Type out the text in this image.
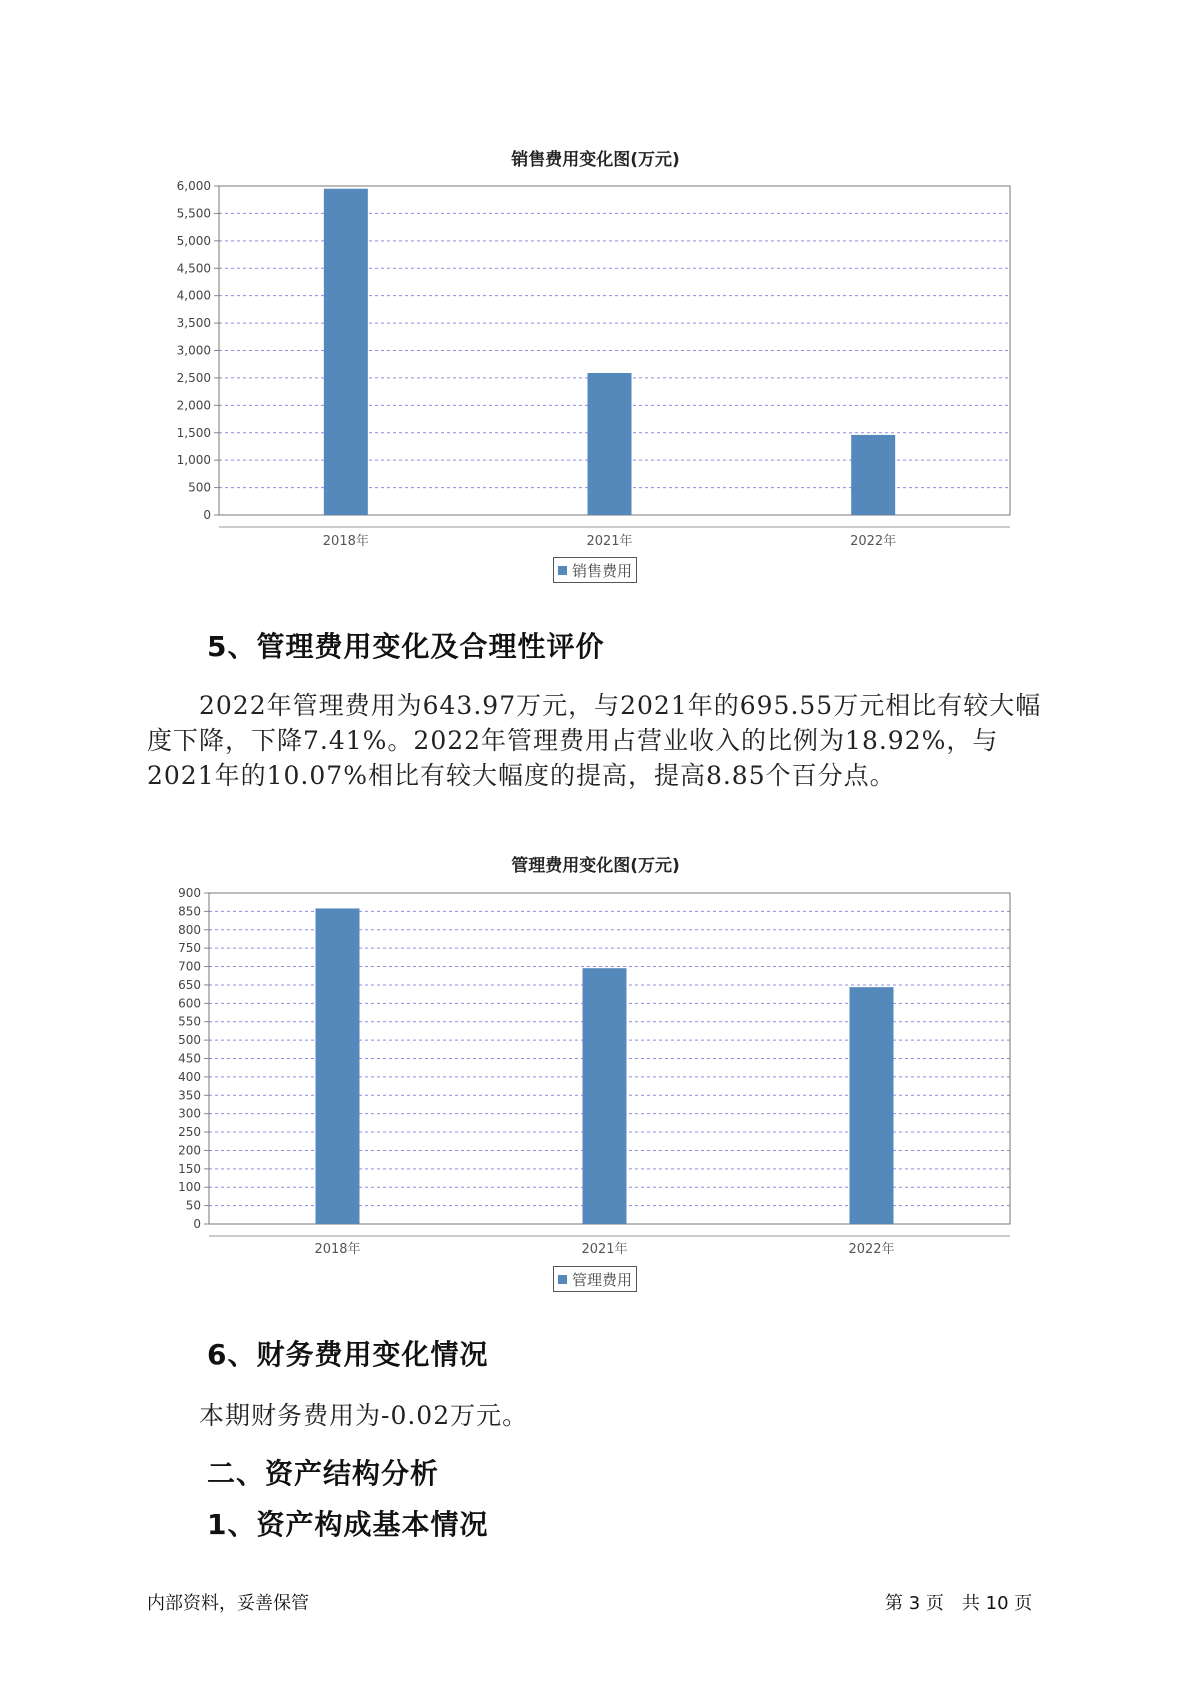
销售费用变化图(万元)
0
500
1,000
1,500
2,000
2,500
3,000
3,500
4,000
4,500
5,000
5,500
6,000
2018年	2021年	2022年
销售费用
5、管理费用变化及合理性评价
2022年管理费用为643.97万元，与2021年的695.55万元相比有较大幅度下降，下降7.41%。2022年管理费用占营业收入的比例为18.92%，与2021年的10.07%相比有较大幅度的提高，提高8.85个百分点。
管理费用变化图(万元)
0
50
100
150
200
250
300
350
400
450
500
550
600
650
700
750
800
850
900
2018年	2021年	2022年
管理费用
6、财务费用变化情况
本期财务费用为-0.02万元。
二、资产结构分析
1、资产构成基本情况
内部资料，妥善保管	第 3 页　共 10 页
